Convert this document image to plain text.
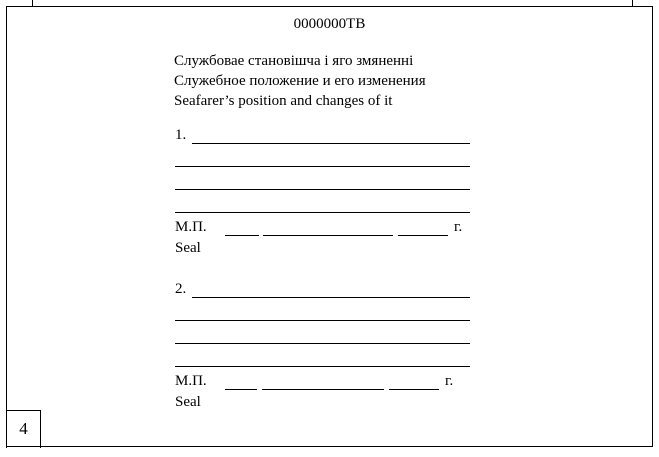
0000000ТВ
Службовае становішча і яго змяненні
Служебное положение и его изменения
Seafarer’s position and changes of it
1.
М.П.	г.
Seal
2.
М.П.	г.
Seal
4
